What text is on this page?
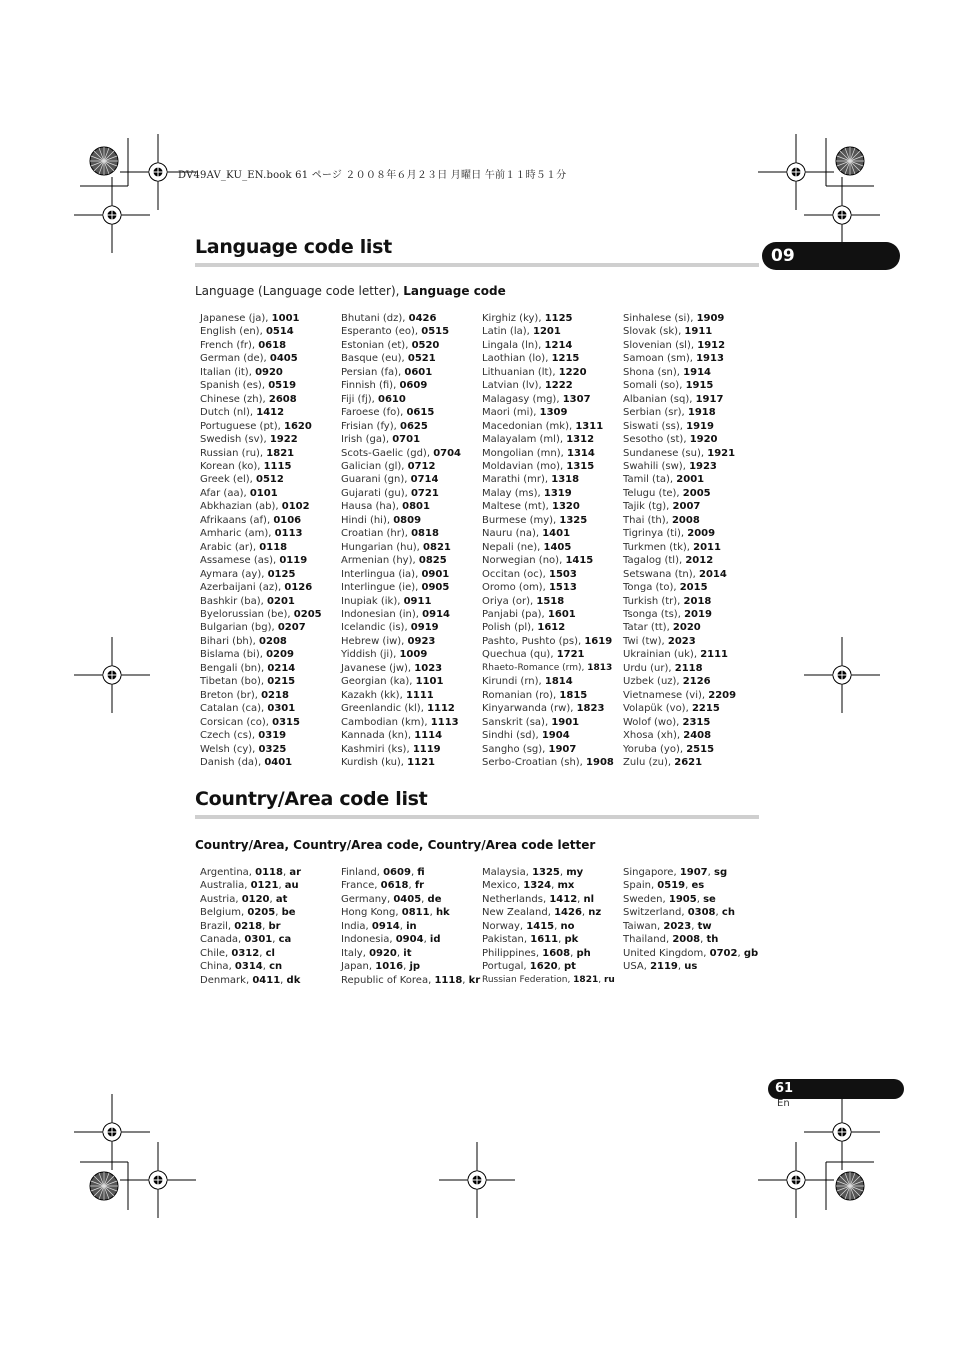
DV49AV_KU_EN.book 61 ページ ２００８年６月２３日 月曜日 午前１１時５１分
Language code list	09
Language (Language code letter), Language code
Japanese (ja), 1001
English (en), 0514
French (fr), 0618
German (de), 0405
Italian (it), 0920
Spanish (es), 0519
Chinese (zh), 2608
Dutch (nl), 1412
Portuguese (pt), 1620
Swedish (sv), 1922
Russian (ru), 1821
Korean (ko), 1115
Greek (el), 0512
Afar (aa), 0101
Abkhazian (ab), 0102
Afrikaans (af), 0106
Amharic (am), 0113
Arabic (ar), 0118
Assamese (as), 0119
Aymara (ay), 0125
Azerbaijani (az), 0126
Bashkir (ba), 0201
Byelorussian (be), 0205
Bulgarian (bg), 0207
Bihari (bh), 0208
Bislama (bi), 0209
Bengali (bn), 0214
Tibetan (bo), 0215
Breton (br), 0218
Catalan (ca), 0301
Corsican (co), 0315
Czech (cs), 0319
Welsh (cy), 0325
Danish (da), 0401
Bhutani (dz), 0426
Esperanto (eo), 0515
Estonian (et), 0520
Basque (eu), 0521
Persian (fa), 0601
Finnish (fi), 0609
Fiji (fj), 0610
Faroese (fo), 0615
Frisian (fy), 0625
Irish (ga), 0701
Scots-Gaelic (gd), 0704
Galician (gl), 0712
Guarani (gn), 0714
Gujarati (gu), 0721
Hausa (ha), 0801
Hindi (hi), 0809
Croatian (hr), 0818
Hungarian (hu), 0821
Armenian (hy), 0825
Interlingua (ia), 0901
Interlingue (ie), 0905
Inupiak (ik), 0911
Indonesian (in), 0914
Icelandic (is), 0919
Hebrew (iw), 0923
Yiddish (ji), 1009
Javanese (jw), 1023
Georgian (ka), 1101
Kazakh (kk), 1111
Greenlandic (kl), 1112
Cambodian (km), 1113
Kannada (kn), 1114
Kashmiri (ks), 1119
Kurdish (ku), 1121
Kirghiz (ky), 1125
Latin (la), 1201
Lingala (ln), 1214
Laothian (lo), 1215
Lithuanian (lt), 1220
Latvian (lv), 1222
Malagasy (mg), 1307
Maori (mi), 1309
Macedonian (mk), 1311
Malayalam (ml), 1312
Mongolian (mn), 1314
Moldavian (mo), 1315
Marathi (mr), 1318
Malay (ms), 1319
Maltese (mt), 1320
Burmese (my), 1325
Nauru (na), 1401
Nepali (ne), 1405
Norwegian (no), 1415
Occitan (oc), 1503
Oromo (om), 1513
Oriya (or), 1518
Panjabi (pa), 1601
Polish (pl), 1612
Pashto, Pushto (ps), 1619
Quechua (qu), 1721
Rhaeto-Romance (rm), 1813
Kirundi (rn), 1814
Romanian (ro), 1815
Kinyarwanda (rw), 1823
Sanskrit (sa), 1901
Sindhi (sd), 1904
Sangho (sg), 1907
Serbo-Croatian (sh), 1908
Sinhalese (si), 1909
Slovak (sk), 1911
Slovenian (sl), 1912
Samoan (sm), 1913
Shona (sn), 1914
Somali (so), 1915
Albanian (sq), 1917
Serbian (sr), 1918
Siswati (ss), 1919
Sesotho (st), 1920
Sundanese (su), 1921
Swahili (sw), 1923
Tamil (ta), 2001
Telugu (te), 2005
Tajik (tg), 2007
Thai (th), 2008
Tigrinya (ti), 2009
Turkmen (tk), 2011
Tagalog (tl), 2012
Setswana (tn), 2014
Tonga (to), 2015
Turkish (tr), 2018
Tsonga (ts), 2019
Tatar (tt), 2020
Twi (tw), 2023
Ukrainian (uk), 2111
Urdu (ur), 2118
Uzbek (uz), 2126
Vietnamese (vi), 2209
Volapük (vo), 2215
Wolof (wo), 2315
Xhosa (xh), 2408
Yoruba (yo), 2515
Zulu (zu), 2621
Country/Area code list
Country/Area, Country/Area code, Country/Area code letter
Argentina, 0118, ar
Australia, 0121, au
Austria, 0120, at
Belgium, 0205, be
Brazil, 0218, br
Canada, 0301, ca
Chile, 0312, cl
China, 0314, cn
Denmark, 0411, dk
Finland, 0609, fi
France, 0618, fr
Germany, 0405, de
Hong Kong, 0811, hk
India, 0914, in
Indonesia, 0904, id
Italy, 0920, it
Japan, 1016, jp
Republic of Korea, 1118, kr
Malaysia, 1325, my
Mexico, 1324, mx
Netherlands, 1412, nl
New Zealand, 1426, nz
Norway, 1415, no
Pakistan, 1611, pk
Philippines, 1608, ph
Portugal, 1620, pt
Russian Federation, 1821, ru
Singapore, 1907, sg
Spain, 0519, es
Sweden, 1905, se
Switzerland, 0308, ch
Taiwan, 2023, tw
Thailand, 2008, th
United Kingdom, 0702, gb
USA, 2119, us
61
En
